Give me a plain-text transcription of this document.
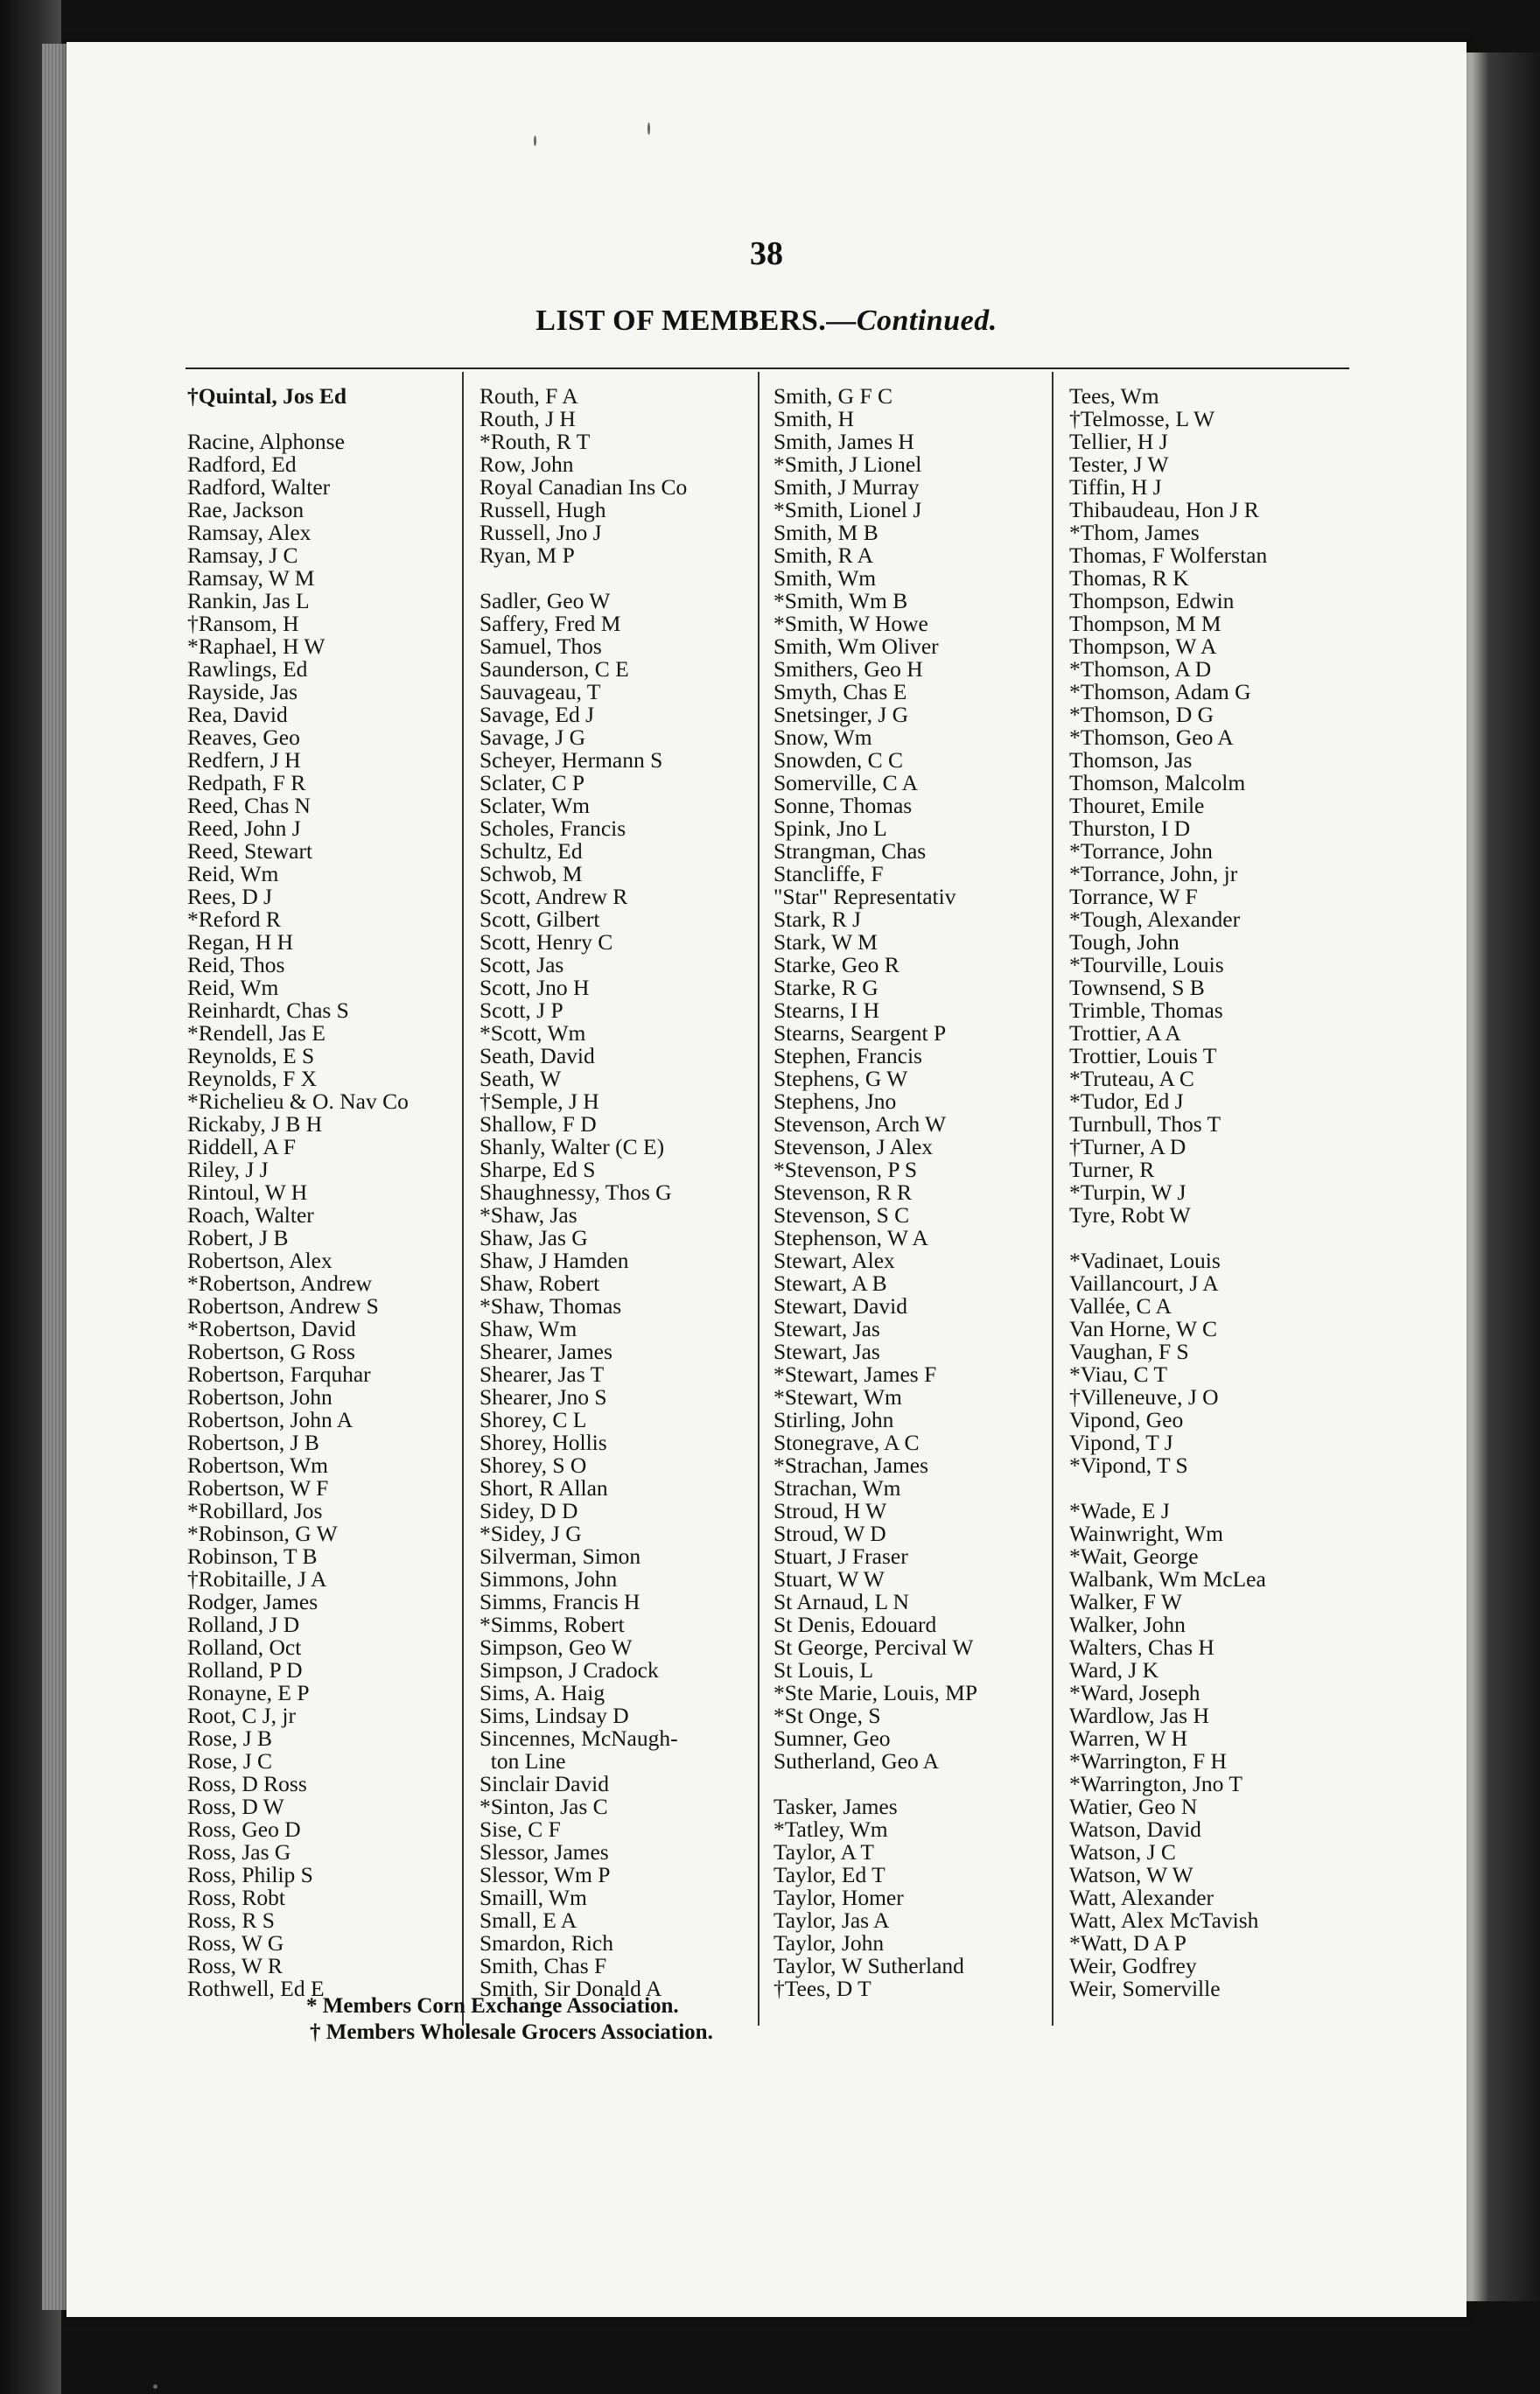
38
LIST OF MEMBERS.—Continued.
†Quintal, Jos Ed
Racine, Alphonse
Radford, Ed
Radford, Walter
Rae, Jackson
Ramsay, Alex
Ramsay, J C
Ramsay, W M
Rankin, Jas L
†Ransom, H
*Raphael, H W
Rawlings, Ed
Rayside, Jas
Rea, David
Reaves, Geo
Redfern, J H
Redpath, F R
Reed, Chas N
Reed, John J
Reed, Stewart
Reid, Wm
Rees, D J
*Reford R
Regan, H H
Reid, Thos
Reid, Wm
Reinhardt, Chas S
*Rendell, Jas E
Reynolds, E S
Reynolds, F X
*Richelieu & O. Nav Co
Rickaby, J B H
Riddell, A F
Riley, J J
Rintoul, W H
Roach, Walter
Robert, J B
Robertson, Alex
*Robertson, Andrew
Robertson, Andrew S
*Robertson, David
Robertson, G Ross
Robertson, Farquhar
Robertson, John
Robertson, John A
Robertson, J B
Robertson, Wm
Robertson, W F
*Robillard, Jos
*Robinson, G W
Robinson, T B
†Robitaille, J A
Rodger, James
Rolland, J D
Rolland, Oct
Rolland, P D
Ronayne, E P
Root, C J, jr
Rose, J B
Rose, J C
Ross, D Ross
Ross, D W
Ross, Geo D
Ross, Jas G
Ross, Philip S
Ross, Robt
Ross, R S
Ross, W G
Ross, W R
Rothwell, Ed E
Routh, F A
Routh, J H
*Routh, R T
Row, John
Royal Canadian Ins Co
Russell, Hugh
Russell, Jno J
Ryan, M P
Sadler, Geo W
Saffery, Fred M
Samuel, Thos
Saunderson, C E
Sauvageau, T
Savage, Ed J
Savage, J G
Scheyer, Hermann S
Sclater, C P
Sclater, Wm
Scholes, Francis
Schultz, Ed
Schwob, M
Scott, Andrew R
Scott, Gilbert
Scott, Henry C
Scott, Jas
Scott, Jno H
Scott, J P
*Scott, Wm
Seath, David
Seath, W
†Semple, J H
Shallow, F D
Shanly, Walter (C E)
Sharpe, Ed S
Shaughnessy, Thos G
*Shaw, Jas
Shaw, Jas G
Shaw, J Hamden
Shaw, Robert
*Shaw, Thomas
Shaw, Wm
Shearer, James
Shearer, Jas T
Shearer, Jno S
Shorey, C L
Shorey, Hollis
Shorey, S O
Short, R Allan
Sidey, D D
*Sidey, J G
Silverman, Simon
Simmons, John
Simms, Francis H
*Simms, Robert
Simpson, Geo W
Simpson, J Cradock
Sims, A. Haig
Sims, Lindsay D
Sincennes, McNaugh-
ton Line
Sinclair David
*Sinton, Jas C
Sise, C F
Slessor, James
Slessor, Wm P
Smaill, Wm
Small, E A
Smardon, Rich
Smith, Chas F
Smith, Sir Donald A
Smith, G F C
Smith, H
Smith, James H
*Smith, J Lionel
Smith, J Murray
*Smith, Lionel J
Smith, M B
Smith, R A
Smith, Wm
*Smith, Wm B
*Smith, W Howe
Smith, Wm Oliver
Smithers, Geo H
Smyth, Chas E
Snetsinger, J G
Snow, Wm
Snowden, C C
Somerville, C A
Sonne, Thomas
Spink, Jno L
Strangman, Chas
Stancliffe, F
"Star" Representativ
Stark, R J
Stark, W M
Starke, Geo R
Starke, R G
Stearns, I H
Stearns, Seargent P
Stephen, Francis
Stephens, G W
Stephens, Jno
Stevenson, Arch W
Stevenson, J Alex
*Stevenson, P S
Stevenson, R R
Stevenson, S C
Stephenson, W A
Stewart, Alex
Stewart, A B
Stewart, David
Stewart, Jas
Stewart, Jas
*Stewart, James F
*Stewart, Wm
Stirling, John
Stonegrave, A C
*Strachan, James
Strachan, Wm
Stroud, H W
Stroud, W D
Stuart, J Fraser
Stuart, W W
St Arnaud, L N
St Denis, Edouard
St George, Percival W
St Louis, L
*Ste Marie, Louis, MP
*St Onge, S
Sumner, Geo
Sutherland, Geo A
Tasker, James
*Tatley, Wm
Taylor, A T
Taylor, Ed T
Taylor, Homer
Taylor, Jas A
Taylor, John
Taylor, W Sutherland
†Tees, D T
Tees, Wm
†Telmosse, L W
Tellier, H J
Tester, J W
Tiffin, H J
Thibaudeau, Hon J R
*Thom, James
Thomas, F Wolferstan
Thomas, R K
Thompson, Edwin
Thompson, M M
Thompson, W A
*Thomson, A D
*Thomson, Adam G
*Thomson, D G
*Thomson, Geo A
Thomson, Jas
Thomson, Malcolm
Thouret, Emile
Thurston, I D
*Torrance, John
*Torrance, John, jr
Torrance, W F
*Tough, Alexander
Tough, John
*Tourville, Louis
Townsend, S B
Trimble, Thomas
Trottier, A A
Trottier, Louis T
*Truteau, A C
*Tudor, Ed J
Turnbull, Thos T
†Turner, A D
Turner, R
*Turpin, W J
Tyre, Robt W
*Vadinaet, Louis
Vaillancourt, J A
Vallée, C A
Van Horne, W C
Vaughan, F S
*Viau, C T
†Villeneuve, J O
Vipond, Geo
Vipond, T J
*Vipond, T S
*Wade, E J
Wainwright, Wm
*Wait, George
Walbank, Wm McLea
Walker, F W
Walker, John
Walters, Chas H
Ward, J K
*Ward, Joseph
Wardlow, Jas H
Warren, W H
*Warrington, F H
*Warrington, Jno T
Watier, Geo N
Watson, David
Watson, J C
Watson, W W
Watt, Alexander
Watt, Alex McTavish
*Watt, D A P
Weir, Godfrey
Weir, Somerville
* Members Corn Exchange Association.
† Members Wholesale Grocers Association.
